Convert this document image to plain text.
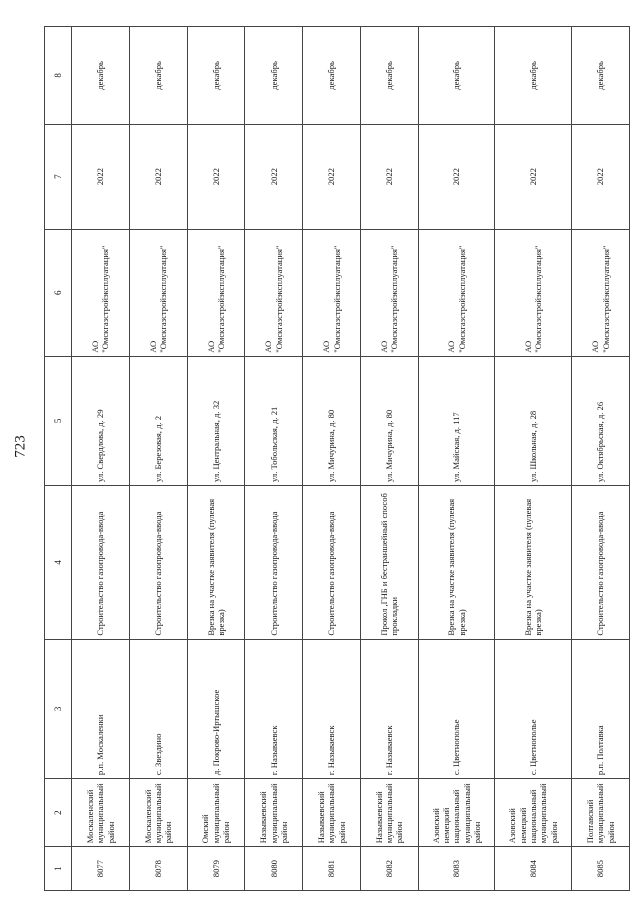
723
1	2	3	4	5	6	7	8
8077	Москаленский муниципальный район	р.п. Москаленки	Строительство газопровода-ввода	ул. Свердлова, д. 29	АО "Омскгазстройэксплуатация"	2022	декабрь
8078	Москаленский муниципальный район	с. Звездино	Строительство газопровода-ввода	ул. Березовая, д. 2	АО "Омскгазстройэксплуатация"	2022	декабрь
8079	Омский муниципальный район	д. Покрово-Иртышское	Врезка на участке заявителя (пулевая врезка)	ул. Центральная, д. 32	АО "Омскгазстройэксплуатация"	2022	декабрь
8080	Называевский муниципальный район	г. Называевск	Строительство газопровода-ввода	ул. Тобольская, д. 21	АО "Омскгазстройэксплуатация"	2022	декабрь
8081	Называевский муниципальный район	г. Называевск	Строительство газопровода-ввода	ул. Мичурина, д. 80	АО "Омскгазстройэксплуатация"	2022	декабрь
8082	Называевский муниципальный район	г. Называевск	Прокол ,ГНБ и бестраншейный способ прокладки	ул. Мичурина, д. 80	АО "Омскгазстройэксплуатация"	2022	декабрь
8083	Азовский немецкий национальный муниципальный район	с. Цветнополье	Врезка на участке заявителя (пулевая врезка)	ул. Майская, д. 117	АО "Омскгазстройэксплуатация"	2022	декабрь
8084	Азовский немецкий национальный муниципальный район	с. Цветнополье	Врезка на участке заявителя (пулевая врезка)	ул. Школьная, д. 28	АО "Омскгазстройэксплуатация"	2022	декабрь
8085	Полтавский муниципальный район	р.п. Полтавка	Строительство газопровода-ввода	ул. Октябрьская, д. 26	АО "Омскгазстройэксплуатация"	2022	декабрь
